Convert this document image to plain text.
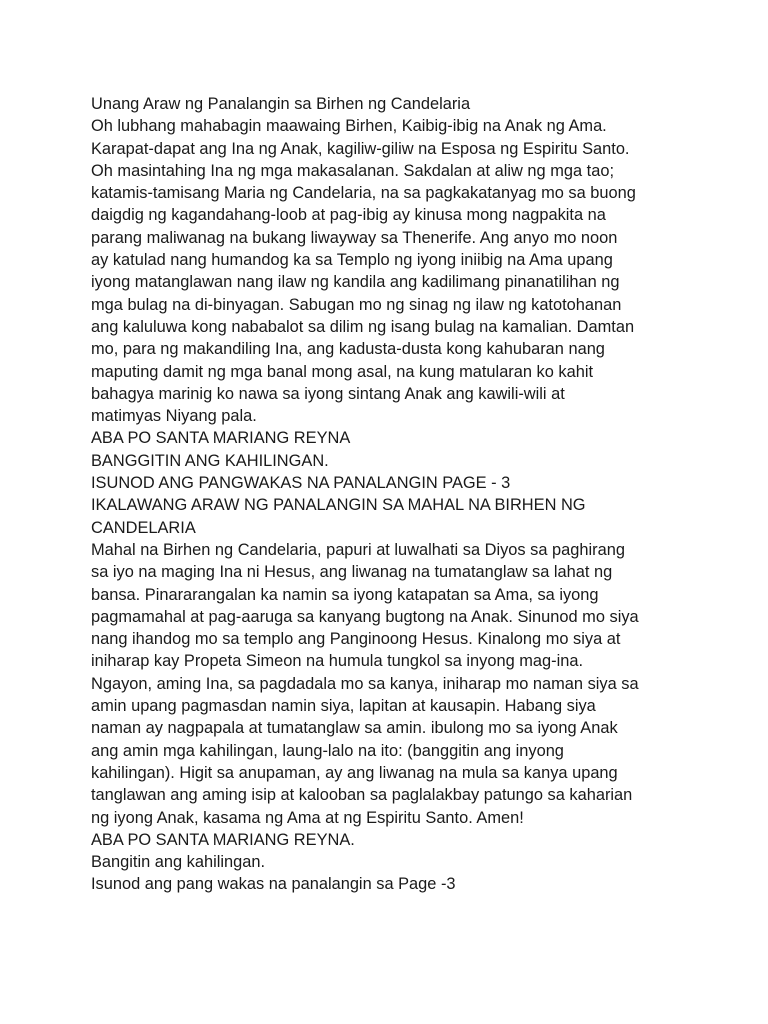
Unang Araw ng Panalangin sa Birhen ng Candelaria
Oh lubhang mahabagin maawaing Birhen, Kaibig-ibig na Anak ng Ama.
Karapat-dapat ang Ina ng Anak, kagiliw-giliw na Esposa ng Espiritu Santo.
Oh masintahing Ina ng mga makasalanan. Sakdalan at aliw ng mga tao;
katamis-tamisang Maria ng Candelaria, na sa pagkakatanyag mo sa buong
daigdig ng kagandahang-loob at pag-ibig ay kinusa mong nagpakita na
parang maliwanag na bukang liwayway sa Thenerife. Ang anyo mo noon
ay katulad nang humandog ka sa Templo ng iyong iniibig na Ama upang
iyong matanglawan nang ilaw ng kandila ang kadilimang pinanatilihan ng
mga bulag na di-binyagan. Sabugan mo ng sinag ng ilaw ng katotohanan
ang kaluluwa kong nababalot sa dilim ng isang bulag na kamalian. Damtan
mo, para ng makandiling Ina, ang kadusta-dusta kong kahubaran nang
maputing damit ng mga banal mong asal, na kung matularan ko kahit
bahagya marinig ko nawa sa iyong sintang Anak ang kawili-wili at
matimyas Niyang pala.
ABA PO SANTA MARIANG REYNA
BANGGITIN ANG KAHILINGAN.
ISUNOD ANG PANGWAKAS NA PANALANGIN PAGE - 3
IKALAWANG ARAW NG PANALANGIN SA MAHAL NA BIRHEN NG
CANDELARIA
Mahal na Birhen ng Candelaria, papuri at luwalhati sa Diyos sa paghirang
sa iyo na maging Ina ni Hesus, ang liwanag na tumatanglaw sa lahat ng
bansa. Pinararangalan ka namin sa iyong katapatan sa Ama, sa iyong
pagmamahal at pag-aaruga sa kanyang bugtong na Anak. Sinunod mo siya
nang ihandog mo sa templo ang Panginoong Hesus. Kinalong mo siya at
iniharap kay Propeta Simeon na humula tungkol sa inyong mag-ina.
Ngayon, aming Ina, sa pagdadala mo sa kanya, iniharap mo naman siya sa
amin upang pagmasdan namin siya, lapitan at kausapin. Habang siya
naman ay nagpapala at tumatanglaw sa amin. ibulong mo sa iyong Anak
ang amin mga kahilingan, laung-lalo na ito: (banggitin ang inyong
kahilingan). Higit sa anupaman, ay ang liwanag na mula sa kanya upang
tanglawan ang aming isip at kalooban sa paglalakbay patungo sa kaharian
ng iyong Anak, kasama ng Ama at ng Espiritu Santo. Amen!
ABA PO SANTA MARIANG REYNA.
Bangitin ang kahilingan.
Isunod ang pang wakas na panalangin sa Page -3
